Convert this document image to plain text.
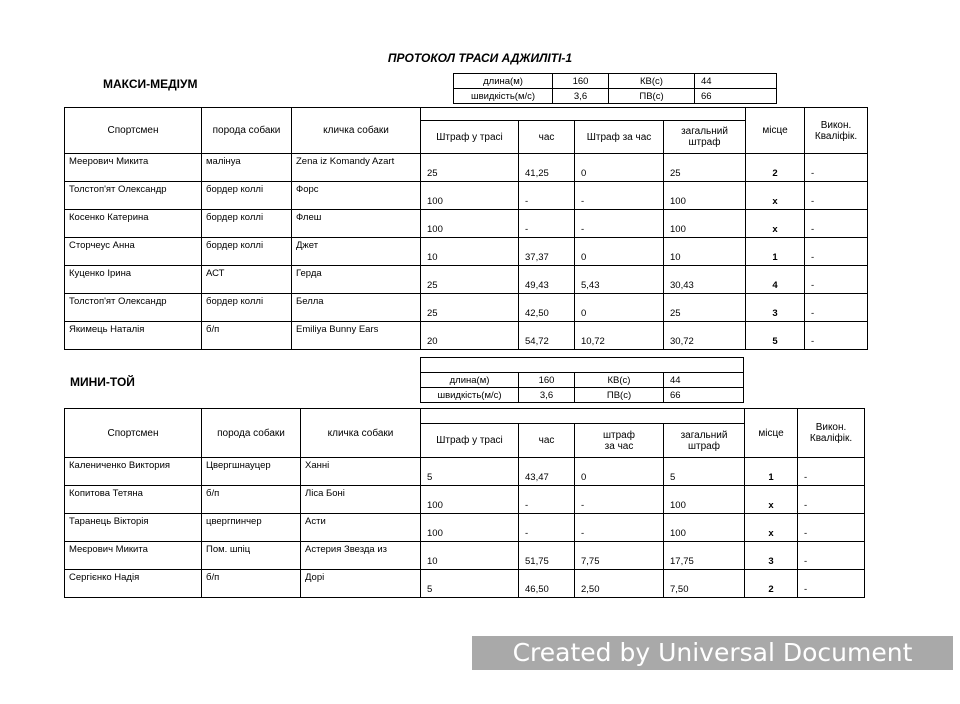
ПРОТОКОЛ ТРАСИ АДЖИЛІТІ-1
МАКСИ-МЕДІУМ	длина(м)	160	КВ(с)	44
швидкість(м/с)	3,6	ПВ(с)	66
Спортсмен	порода собаки	кличка собаки					місце	Викон. Кваліфік.
			Штраф у трасі	час	Штраф за час	загальний штраф		
Меерович Микита	малінуа	Zena iz Komandy Azart	25	41,25	0	25	2	-
Толстоп'ят Олександр	бордер коллі	Форс	100	-	-	100	х	-
Косенко Катерина	бордер коллі	Флеш	100	-	-	100	х	-
Сторчеус Анна	бордер коллі	Джет	10	37,37	0	10	1	-
Куценко Ірина	АСТ	Герда	25	49,43	5,43	30,43	4	-
Толстоп'ят Олександр	бордер коллі	Белла	25	42,50	0	25	3	-
Якимець Наталія	б/п	Emiliya Bunny Ears	20	54,72	10,72	30,72	5	-
МИНИ-ТОЙ	длина(м)	160	КВ(с)	44
швидкість(м/с)	3,6	ПВ(с)	66
Спортсмен	порода собаки	кличка собаки					місце	Викон. Кваліфік.
			Штраф у трасі	час	штраф за час	загальний штраф		
Калениченко Виктория	Цвергшнауцер	Ханні	5	43,47	0	5	1	-
Копитова Тетяна	б/п	Ліса Боні	100	-	-	100	х	-
Таранець Вікторія	цвергпинчер	Асти	100	-	-	100	х	-
Меєрович Микита	Пом. шпіц	Астерия Звезда из	10	51,75	7,75	17,75	3	-
Сергієнко Надія	б/п	Дорі	5	46,50	2,50	7,50	2	-
Created by Universal Document Converter
